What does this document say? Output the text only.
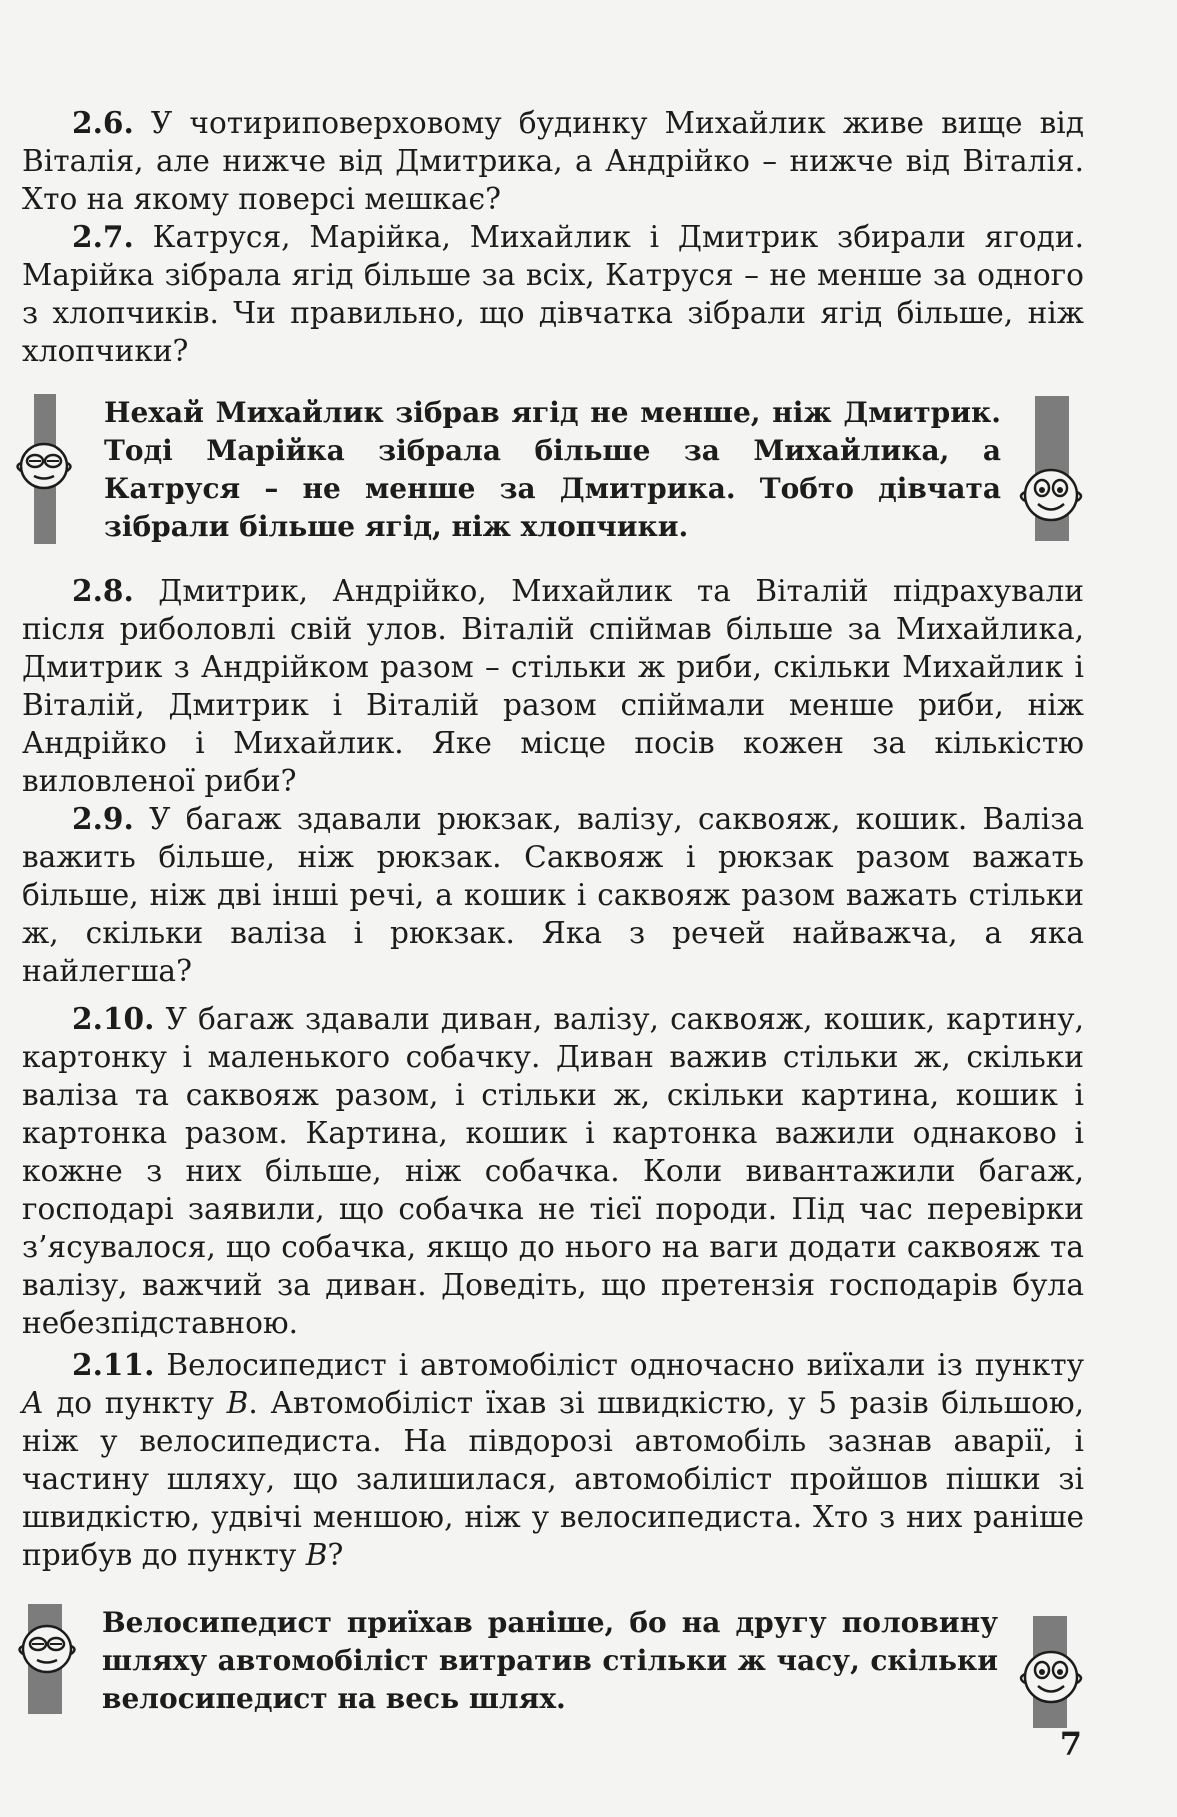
2.6. У чотириповерховому будинку Михайлик живе вище від Віталія, але нижче від Дмитрика, а Андрійко – нижче від Віталія. Хто на якому поверсі мешкає?

2.7. Катруся, Марійка, Михайлик і Дмитрик збирали ягоди. Марійка зібрала ягід більше за всіх, Катруся – не менше за одного з хлопчиків. Чи правильно, що дівчатка зібрали ягід більше, ніж хлопчики?

Нехай Михайлик зібрав ягід не менше, ніж Дмитрик. Тоді Марійка зібрала більше за Михайлика, а Катруся – не менше за Дмитрика. Тобто дівчата зібрали більше ягід, ніж хлопчики.

2.8. Дмитрик, Андрійко, Михайлик та Віталій підрахували після риболовлі свій улов. Віталій спіймав більше за Михайлика, Дмитрик з Андрійком разом – стільки ж риби, скільки Михайлик і Віталій, Дмитрик і Віталій разом спіймали менше риби, ніж Андрійко і Михайлик. Яке місце посів кожен за кількістю виловленої риби?

2.9. У багаж здавали рюкзак, валізу, саквояж, кошик. Валіза важить більше, ніж рюкзак. Саквояж і рюкзак разом важать більше, ніж дві інші речі, а кошик і саквояж разом важать стільки ж, скільки валіза і рюкзак. Яка з речей найважча, а яка найлегша?

2.10. У багаж здавали диван, валізу, саквояж, кошик, картину, картонку і маленького собачку. Диван важив стільки ж, скільки валіза та саквояж разом, і стільки ж, скільки картина, кошик і картонка разом. Картина, кошик і картонка важили однаково і кожне з них більше, ніж собачка. Коли вивантажили багаж, господарі заявили, що собачка не тієї породи. Під час перевірки з’ясувалося, що собачка, якщо до нього на ваги додати саквояж та валізу, важчий за диван. Доведіть, що претензія господарів була небезпідставною.

2.11. Велосипедист і автомобіліст одночасно виїхали із пункту A до пункту B. Автомобіліст їхав зі швидкістю, у 5 разів більшою, ніж у велосипедиста. На півдорозі автомобіль зазнав аварії, і частину шляху, що залишилася, автомобіліст пройшов пішки зі швидкістю, удвічі меншою, ніж у велосипедиста. Хто з них раніше прибув до пункту B?

Велосипедист приїхав раніше, бо на другу половину шляху автомобіліст витратив стільки ж часу, скільки велосипедист на весь шлях.

7
